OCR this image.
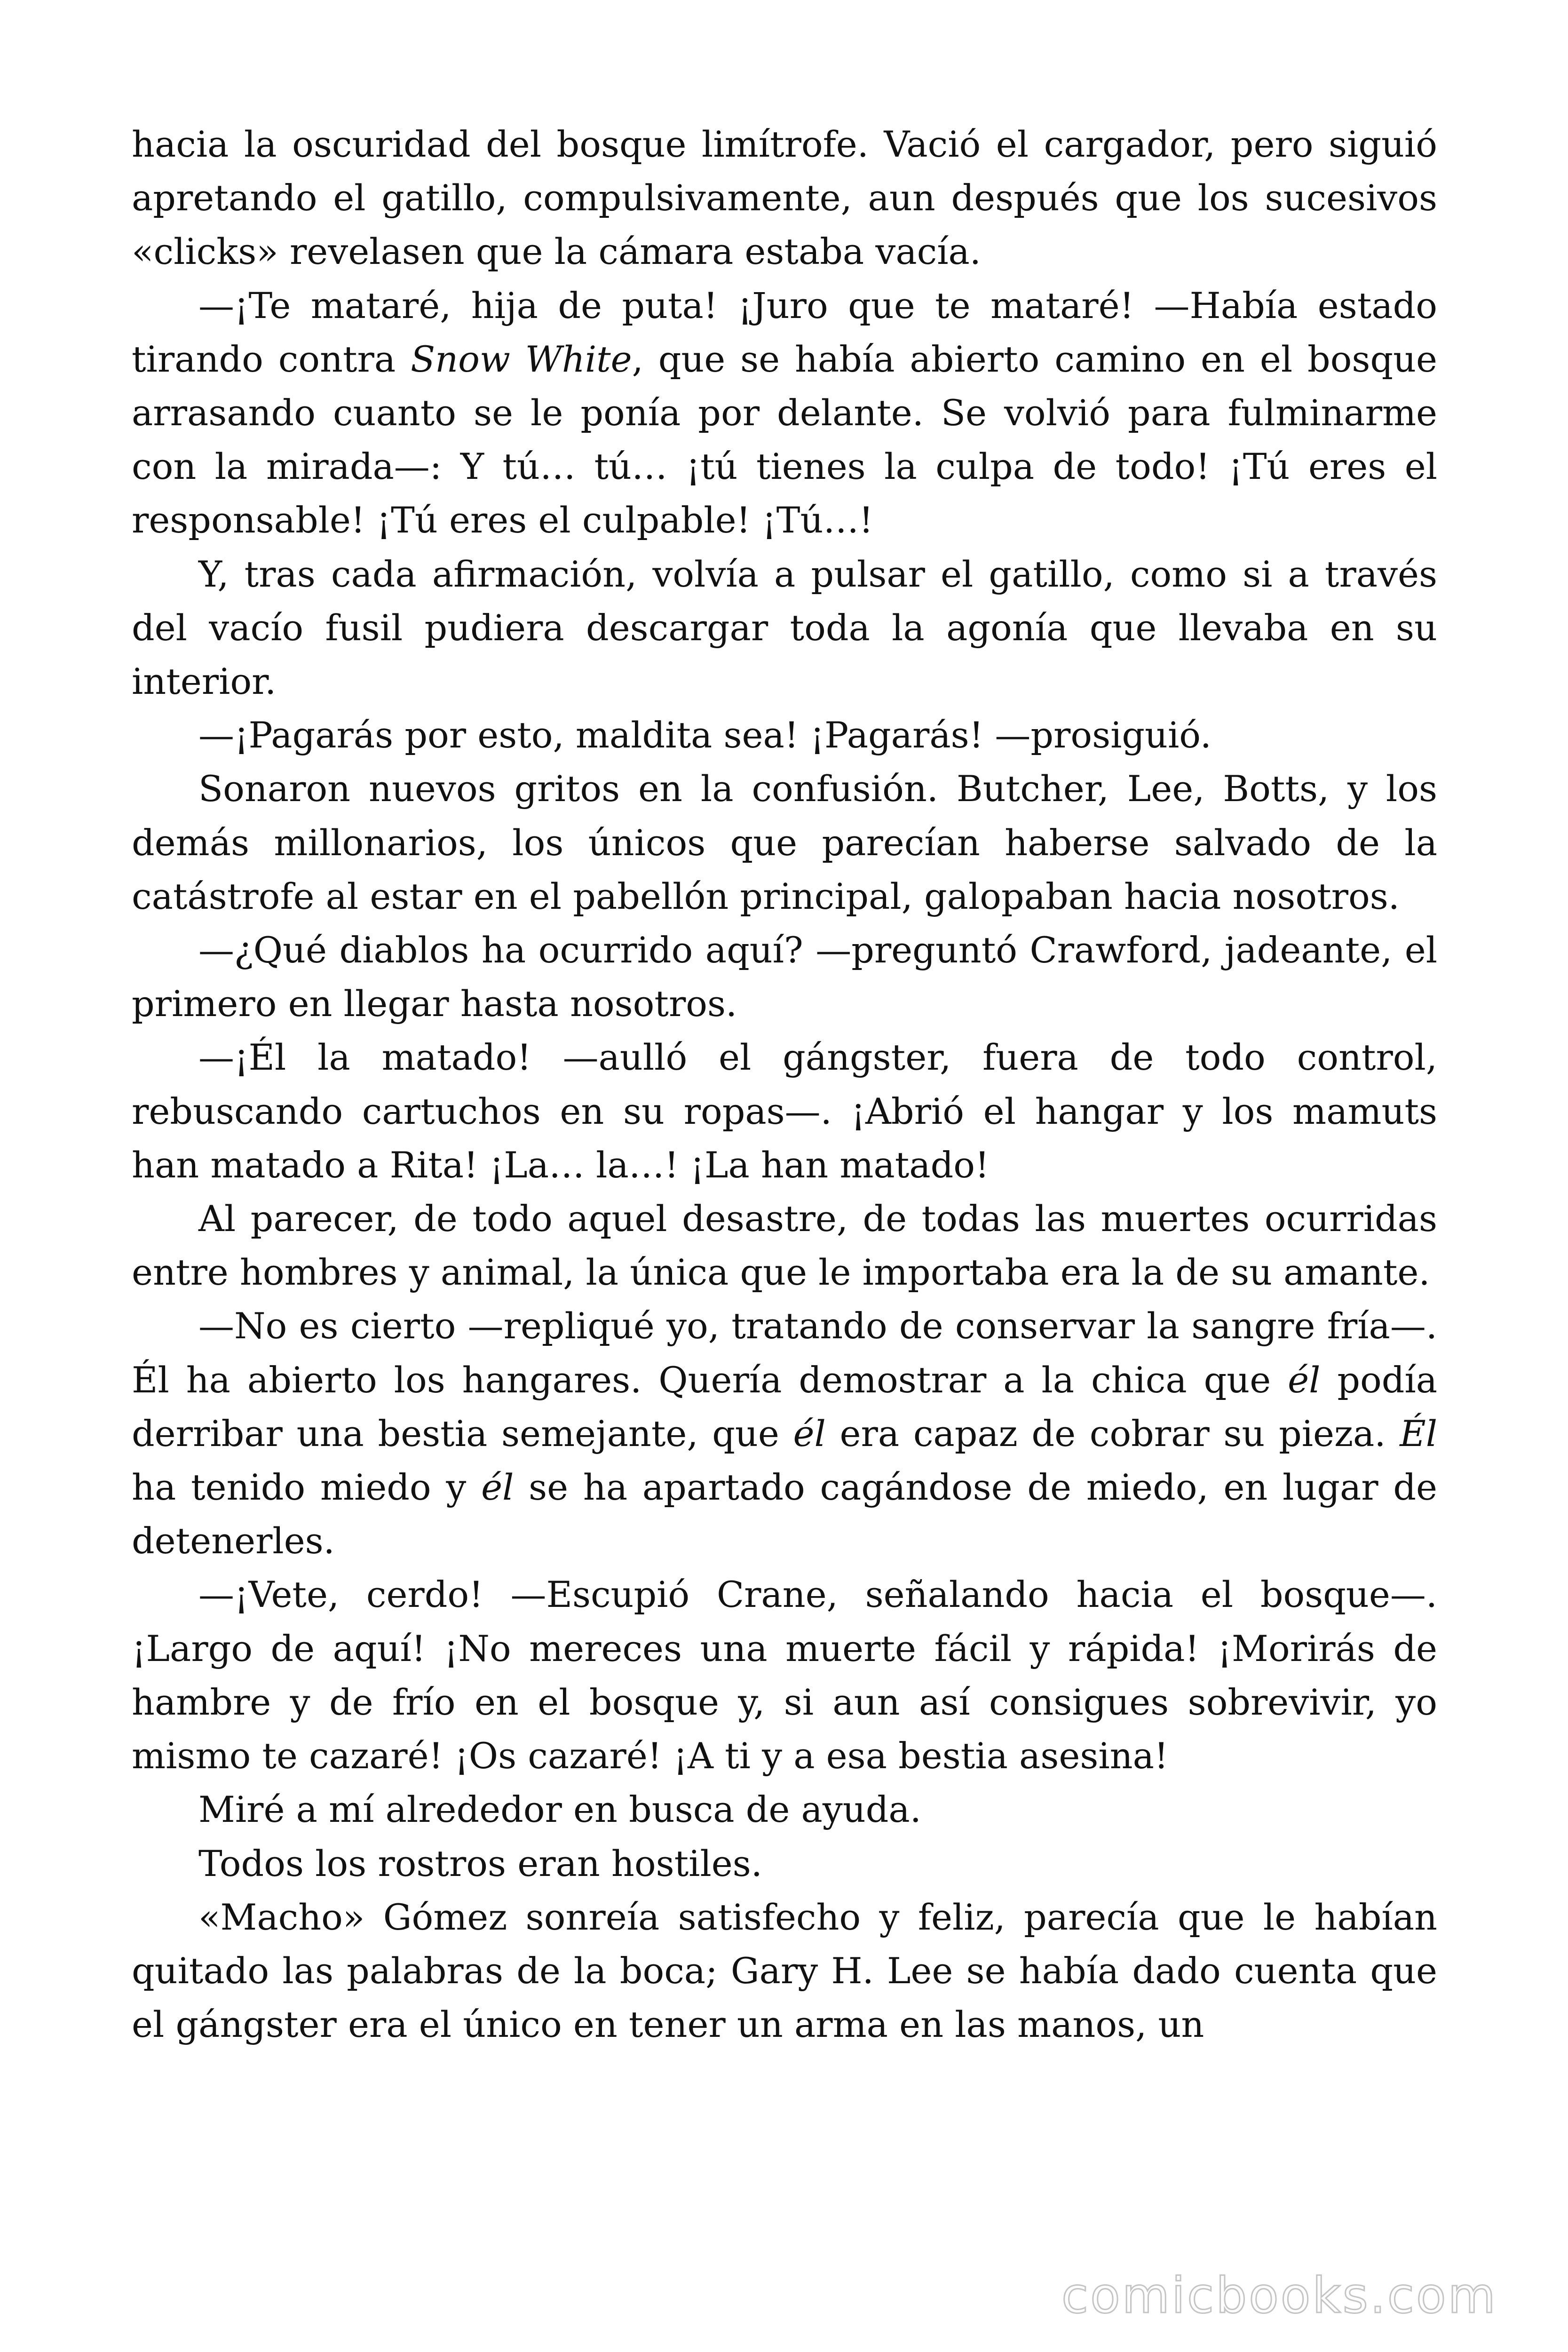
hacia la oscuridad del bosque limítrofe. Vació el cargador, pero siguió apretando el gatillo, compulsivamente, aun después que los sucesivos «clicks» revelasen que la cámara estaba vacía.

—¡Te mataré, hija de puta! ¡Juro que te mataré! —Había estado tirando contra Snow White, que se había abierto camino en el bosque arrasando cuanto se le ponía por delante. Se volvió para fulminarme con la mirada—: Y tú… tú… ¡tú tienes la culpa de todo! ¡Tú eres el responsable! ¡Tú eres el culpable! ¡Tú…!

Y, tras cada afirmación, volvía a pulsar el gatillo, como si a través del vacío fusil pudiera descargar toda la agonía que llevaba en su interior.

—¡Pagarás por esto, maldita sea! ¡Pagarás! —prosiguió.

Sonaron nuevos gritos en la confusión. Butcher, Lee, Botts, y los demás millonarios, los únicos que parecían haberse salvado de la catástrofe al estar en el pabellón principal, galopaban hacia nosotros.

—¿Qué diablos ha ocurrido aquí? —preguntó Crawford, jadeante, el primero en llegar hasta nosotros.

—¡Él la matado! —aulló el gángster, fuera de todo control, rebuscando cartuchos en su ropas—. ¡Abrió el hangar y los mamuts han matado a Rita! ¡La… la…! ¡La han matado!

Al parecer, de todo aquel desastre, de todas las muertes ocurridas entre hombres y animal, la única que le importaba era la de su amante.

—No es cierto —repliqué yo, tratando de conservar la sangre fría—. Él ha abierto los hangares. Quería demostrar a la chica que él podía derribar una bestia semejante, que él era capaz de cobrar su pieza. Él ha tenido miedo y él se ha apartado cagándose de miedo, en lugar de detenerles.

—¡Vete, cerdo! —Escupió Crane, señalando hacia el bosque—. ¡Largo de aquí! ¡No mereces una muerte fácil y rápida! ¡Morirás de hambre y de frío en el bosque y, si aun así consigues sobrevivir, yo mismo te cazaré! ¡Os cazaré! ¡A ti y a esa bestia asesina!

Miré a mí alrededor en busca de ayuda.

Todos los rostros eran hostiles.

«Macho» Gómez sonreía satisfecho y feliz, parecía que le habían quitado las palabras de la boca; Gary H. Lee se había dado cuenta que el gángster era el único en tener un arma en las manos, un

comicbooks.com
